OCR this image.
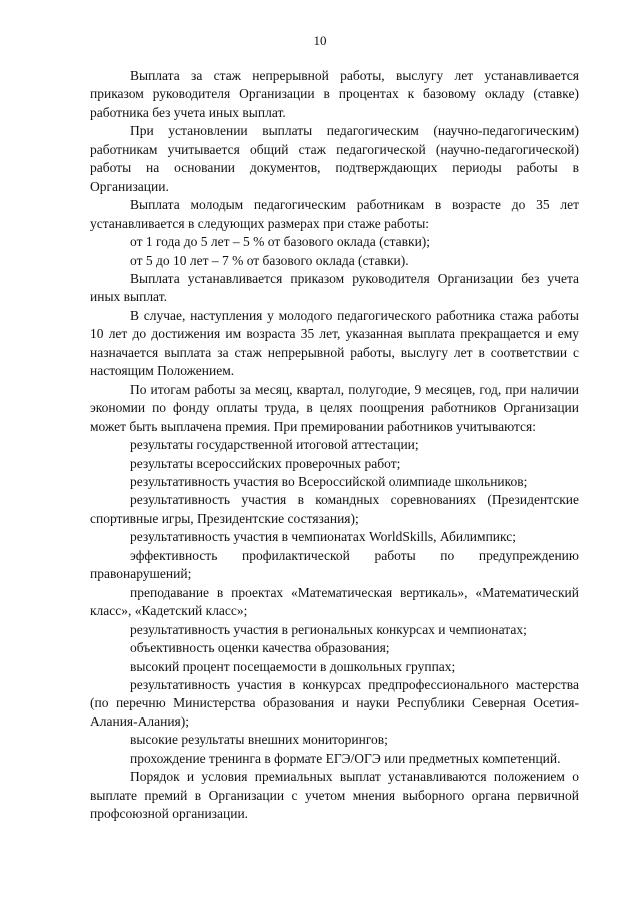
10

Выплата за стаж непрерывной работы, выслугу лет устанавливается приказом руководителя Организации в процентах к базовому окладу (ставке) работника без учета иных выплат.

При установлении выплаты педагогическим (научно-педагогическим) работникам учитывается общий стаж педагогической (научно-педагогической) работы на основании документов, подтверждающих периоды работы в Организации.

Выплата молодым педагогическим работникам в возрасте до 35 лет устанавливается в следующих размерах при стаже работы:

от 1 года до 5 лет – 5 % от базового оклада (ставки);

от 5 до 10 лет – 7 % от базового оклада (ставки).

Выплата устанавливается приказом руководителя Организации без учета иных выплат.

В случае, наступления у молодого педагогического работника стажа работы 10 лет до достижения им возраста 35 лет, указанная выплата прекращается и ему назначается выплата за стаж непрерывной работы, выслугу лет в соответствии с настоящим Положением.

По итогам работы за месяц, квартал, полугодие, 9 месяцев, год, при наличии экономии по фонду оплаты труда, в целях поощрения работников Организации может быть выплачена премия. При премировании работников учитываются:

результаты государственной итоговой аттестации;

результаты всероссийских проверочных работ;

результативность участия во Всероссийской олимпиаде школьников;

результативность участия в командных соревнованиях (Президентские спортивные игры, Президентские состязания);

результативность участия в чемпионатах WorldSkills, Абилимпикс;

эффективность профилактической работы по предупреждению правонарушений;

преподавание в проектах «Математическая вертикаль», «Математический класс», «Кадетский класс»;

результативность участия в региональных конкурсах и чемпионатах;

объективность оценки качества образования;

высокий процент посещаемости в дошкольных группах;

результативность участия в конкурсах предпрофессионального мастерства (по перечню Министерства образования и науки Республики Северная Осетия-Алания-Алания);

высокие результаты внешних мониторингов;

прохождение тренинга в формате ЕГЭ/ОГЭ или предметных компетенций.

Порядок и условия премиальных выплат устанавливаются положением о выплате премий в Организации с учетом мнения выборного органа первичной профсоюзной организации.
